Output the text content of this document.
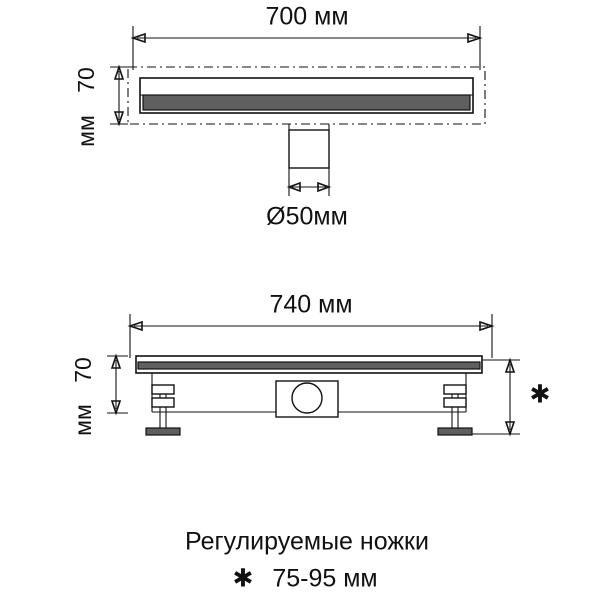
700 мм
70
мм
Ø50мм
740 мм
70
мм
✱
Регулируемые ножки
✱ 75-95 мм
